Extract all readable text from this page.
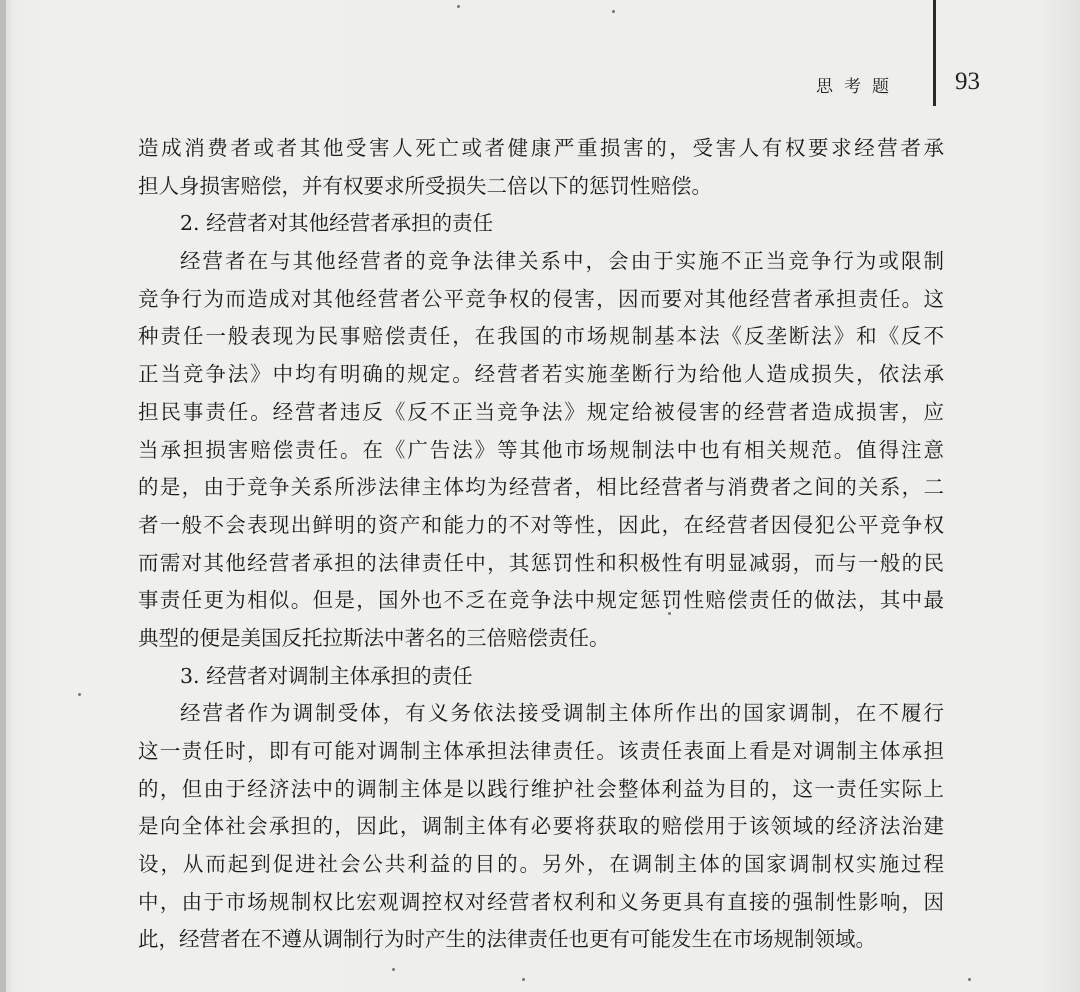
思考题 93
造成消费者或者其他受害人死亡或者健康严重损害的，受害人有权要求经营者承
担人身损害赔偿，并有权要求所受损失二倍以下的惩罚性赔偿。
2. 经营者对其他经营者承担的责任
经营者在与其他经营者的竞争法律关系中，会由于实施不正当竞争行为或限制
竞争行为而造成对其他经营者公平竞争权的侵害，因而要对其他经营者承担责任。这
种责任一般表现为民事赔偿责任，在我国的市场规制基本法《反垄断法》和《反不
正当竞争法》中均有明确的规定。经营者若实施垄断行为给他人造成损失，依法承
担民事责任。经营者违反《反不正当竞争法》规定给被侵害的经营者造成损害，应
当承担损害赔偿责任。在《广告法》等其他市场规制法中也有相关规范。值得注意
的是，由于竞争关系所涉法律主体均为经营者，相比经营者与消费者之间的关系，二
者一般不会表现出鲜明的资产和能力的不对等性，因此，在经营者因侵犯公平竞争权
而需对其他经营者承担的法律责任中，其惩罚性和积极性有明显减弱，而与一般的民
事责任更为相似。但是，国外也不乏在竞争法中规定惩罚性赔偿责任的做法，其中最
典型的便是美国反托拉斯法中著名的三倍赔偿责任。
3. 经营者对调制主体承担的责任
经营者作为调制受体，有义务依法接受调制主体所作出的国家调制，在不履行
这一责任时，即有可能对调制主体承担法律责任。该责任表面上看是对调制主体承担
的，但由于经济法中的调制主体是以践行维护社会整体利益为目的，这一责任实际上
是向全体社会承担的，因此，调制主体有必要将获取的赔偿用于该领域的经济法治建
设，从而起到促进社会公共利益的目的。另外，在调制主体的国家调制权实施过程
中，由于市场规制权比宏观调控权对经营者权利和义务更具有直接的强制性影响，因
此，经营者在不遵从调制行为时产生的法律责任也更有可能发生在市场规制领域。
